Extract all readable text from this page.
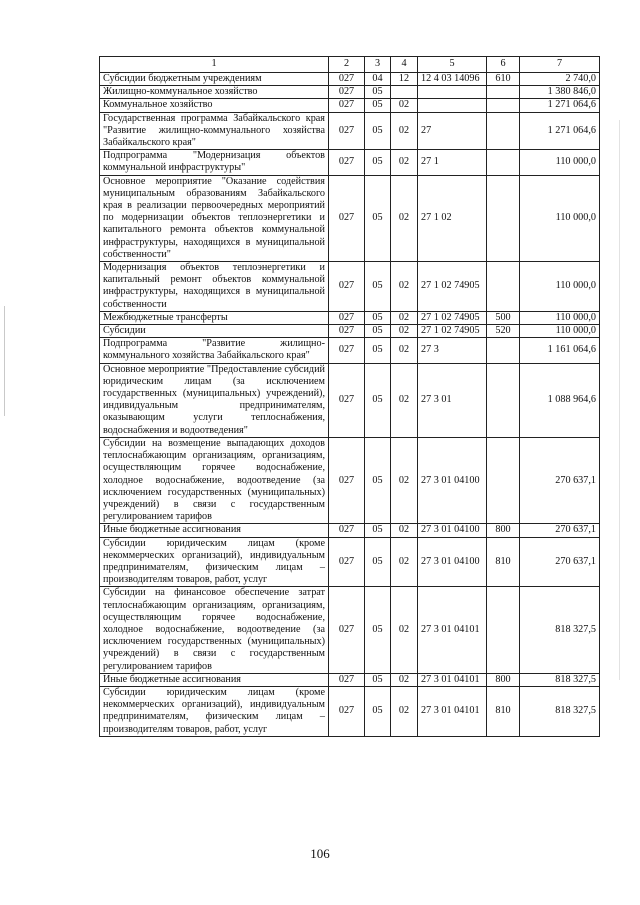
1	2	3	4	5	6	7
Субсидии бюджетным учреждениям	027	04	12	12 4 03 14096	610	2 740,0
Жилищно-коммунальное хозяйство	027	05				1 380 846,0
Коммунальное хозяйство	027	05	02			1 271 064,6
Государственная программа Забайкальского края "Развитие жилищно-коммунального хозяйства Забайкальского края"	027	05	02	27		1 271 064,6
Подпрограмма "Модернизация объектов коммунальной инфраструктуры"	027	05	02	27 1		110 000,0
Основное мероприятие "Оказание содействия муниципальным образованиям Забайкальского края в реализации первоочередных мероприятий по модернизации объектов теплоэнергетики и капитального ремонта объектов коммунальной инфраструктуры, находящихся в муниципальной собственности"	027	05	02	27 1 02		110 000,0
Модернизация объектов теплоэнергетики и капитальный ремонт объектов коммунальной инфраструктуры, находящихся в муниципальной собственности	027	05	02	27 1 02 74905		110 000,0
Межбюджетные трансферты	027	05	02	27 1 02 74905	500	110 000,0
Субсидии	027	05	02	27 1 02 74905	520	110 000,0
Подпрограмма "Развитие жилищно-коммунального хозяйства Забайкальского края"	027	05	02	27 3		1 161 064,6
Основное мероприятие "Предоставление субсидий юридическим лицам (за исключением государственных (муниципальных) учреждений), индивидуальным предпринимателям, оказывающим услуги теплоснабжения, водоснабжения и водоотведения"	027	05	02	27 3 01		1 088 964,6
Субсидии на возмещение выпадающих доходов теплоснабжающим организациям, организациям, осуществляющим горячее водоснабжение, холодное водоснабжение, водоотведение (за исключением государственных (муниципальных) учреждений) в связи с государственным регулированием тарифов	027	05	02	27 3 01 04100		270 637,1
Иные бюджетные ассигнования	027	05	02	27 3 01 04100	800	270 637,1
Субсидии юридическим лицам (кроме некоммерческих организаций), индивидуальным предпринимателям, физическим лицам – производителям товаров, работ, услуг	027	05	02	27 3 01 04100	810	270 637,1
Субсидии на финансовое обеспечение затрат теплоснабжающим организациям, организациям, осуществляющим горячее водоснабжение, холодное водоснабжение, водоотведение (за исключением государственных (муниципальных) учреждений) в связи с государственным регулированием тарифов	027	05	02	27 3 01 04101		818 327,5
Иные бюджетные ассигнования	027	05	02	27 3 01 04101	800	818 327,5
Субсидии юридическим лицам (кроме некоммерческих организаций), индивидуальным предпринимателям, физическим лицам – производителям товаров, работ, услуг	027	05	02	27 3 01 04101	810	818 327,5
106
